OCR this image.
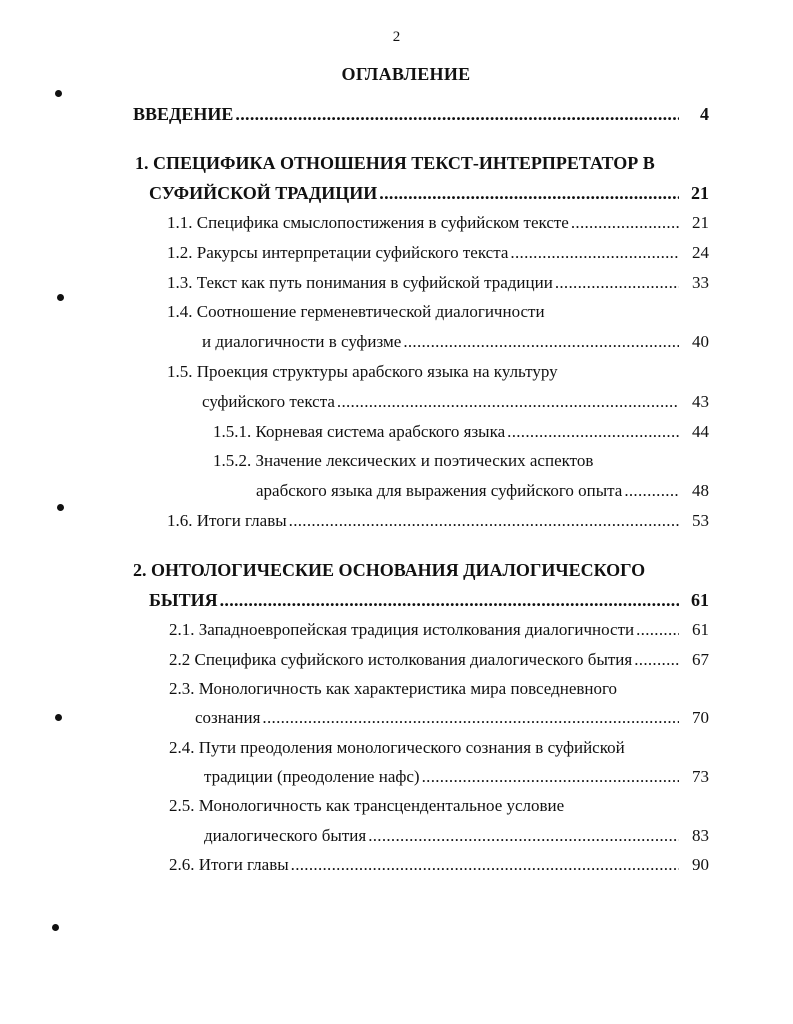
2
ОГЛАВЛЕНИЕ
ВВЕДЕНИЕ .....	4
1. СПЕЦИФИКА ОТНОШЕНИЯ ТЕКСТ-ИНТЕРПРЕТАТОР В
СУФИЙСКОЙ ТРАДИЦИИ .....	21
1.1. Специфика смыслопостижения в суфийском тексте .....	21
1.2. Ракурсы интерпретации суфийского текста .....	24
1.3. Текст как путь понимания в суфийской традиции .....	33
1.4. Соотношение герменевтической диалогичности
и диалогичности в суфизме .....	40
1.5. Проекция структуры арабского языка на культуру
суфийского текста .....	43
1.5.1. Корневая система арабского языка .....	44
1.5.2. Значение лексических и поэтических аспектов
арабского языка для выражения суфийского опыта .....	48
1.6. Итоги главы .....	53
2. ОНТОЛОГИЧЕСКИЕ ОСНОВАНИЯ ДИАЛОГИЧЕСКОГО
БЫТИЯ .....	61
2.1. Западноевропейская традиция истолкования диалогичности .....	61
2.2 Специфика суфийского истолкования диалогического бытия .....	67
2.3. Монологичность как характеристика мира повседневного
сознания .....	70
2.4. Пути преодоления монологического сознания в суфийской
традиции (преодоление нафс) .....	73
2.5. Монологичность как трансцендентальное условие
диалогического бытия .....	83
2.6. Итоги главы .....	90
